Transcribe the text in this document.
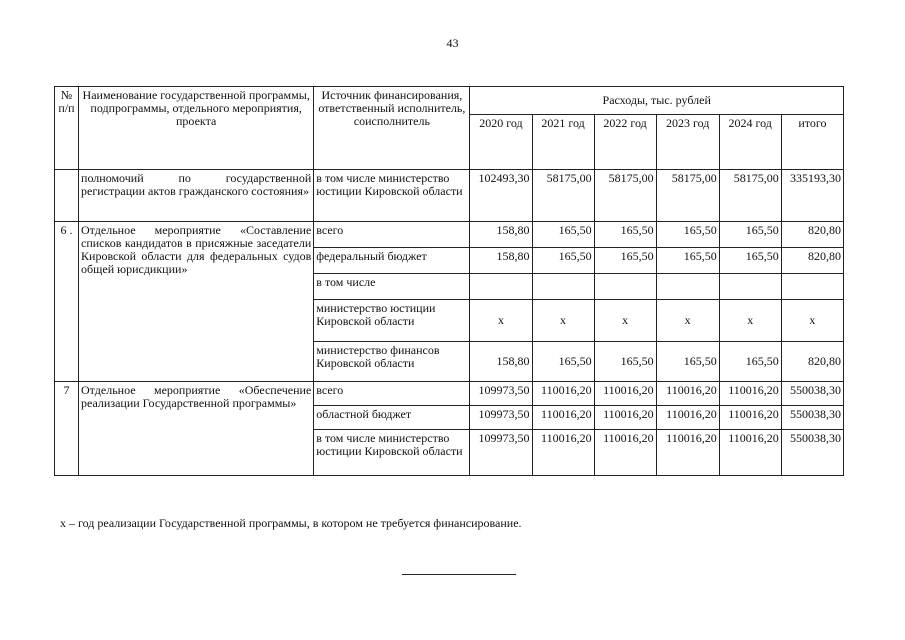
43
№ п/п	Наименование государственной программы, подпрограммы, отдельного мероприятия, проекта	Источник финансирования, ответственный исполнитель, соисполнитель	Расходы, тыс. рублей					
			2020 год	2021 год	2022 год	2023 год	2024 год	итого
	полномочий по государственной регистрации актов гражданского состояния»	в том числе министерство юстиции Кировской области	102493,30	58175,00	58175,00	58175,00	58175,00	335193,30
6 .	Отдельное мероприятие «Составление списков кандидатов в присяжные заседатели Кировской области для федеральных судов общей юрисдикции»	всего	158,80	165,50	165,50	165,50	165,50	820,80
		федеральный бюджет	158,80	165,50	165,50	165,50	165,50	820,80
		в том числе						
		министерство юстиции Кировской области	x	x	x	x	x	x
		министерство финансов Кировской области	158,80	165,50	165,50	165,50	165,50	820,80
7	Отдельное мероприятие «Обеспечение реализации Государственной программы»	всего	109973,50	110016,20	110016,20	110016,20	110016,20	550038,30
		областной бюджет	109973,50	110016,20	110016,20	110016,20	110016,20	550038,30
		в том числе министерство юстиции Кировской области	109973,50	110016,20	110016,20	110016,20	110016,20	550038,30
х – год реализации Государственной программы, в котором не требуется финансирование.
